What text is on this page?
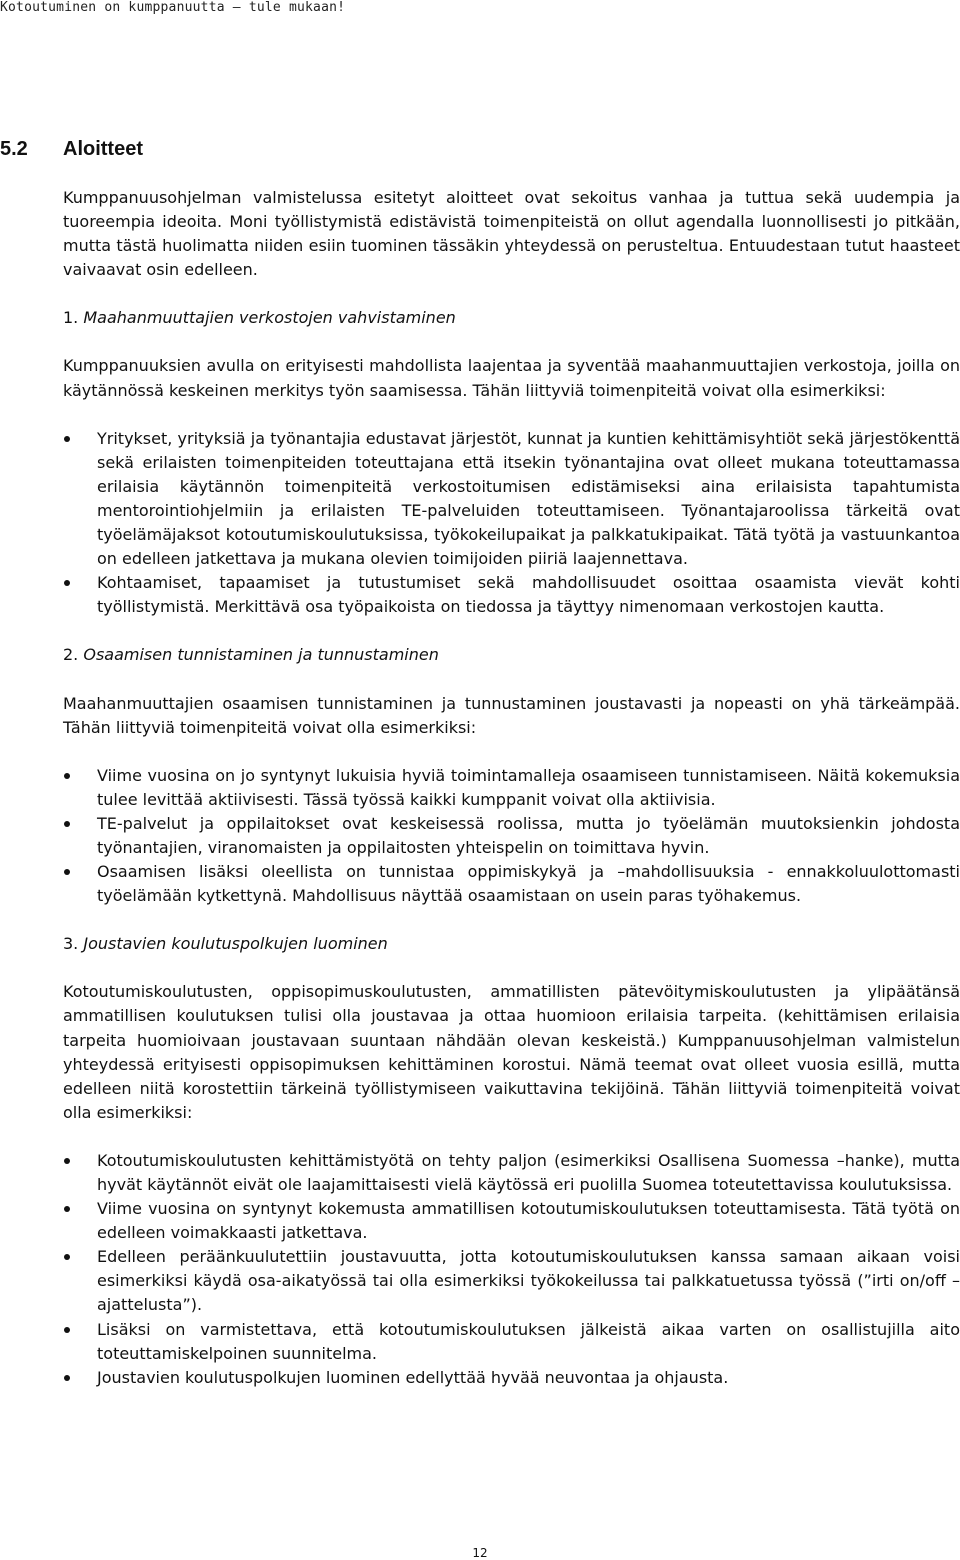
Kotoutuminen on kumppanuutta – tule mukaan!
5.2 Aloitteet

Kumppanuusohjelman valmistelussa esitetyt aloitteet ovat sekoitus vanhaa ja tuttua sekä uudempia ja tuoreempia ideoita. Moni työllistymistä edistävistä toimenpiteistä on ollut agendalla luonnollisesti jo pitkään, mutta tästä huolimatta niiden esiin tuominen tässäkin yhteydessä on perusteltua. Entuudestaan tutut haasteet vaivaavat osin edelleen.

1. Maahanmuuttajien verkostojen vahvistaminen

Kumppanuuksien avulla on erityisesti mahdollista laajentaa ja syventää maahanmuuttajien verkostoja, joilla on käytännössä keskeinen merkitys työn saamisessa. Tähän liittyviä toimenpiteitä voivat olla esimerkiksi:

Yritykset, yrityksiä ja työnantajia edustavat järjestöt, kunnat ja kuntien kehittämisyhtiöt sekä järjestökenttä sekä erilaisten toimenpiteiden toteuttajana että itsekin työnantajina ovat olleet mukana toteuttamassa erilaisia käytännön toimenpiteitä verkostoitumisen edistämiseksi aina erilaisista tapahtumista mentorointiohjelmiin ja erilaisten TE-palveluiden toteuttamiseen. Työnantajaroolissa tärkeitä ovat työelämäjaksot kotoutumiskoulutuksissa, työkokeilupaikat ja palkkatukipaikat. Tätä työtä ja vastuunkantoa on edelleen jatkettava ja mukana olevien toimijoiden piiriä laajennettava.
Kohtaamiset, tapaamiset ja tutustumiset sekä mahdollisuudet osoittaa osaamista vievät kohti työllistymistä. Merkittävä osa työpaikoista on tiedossa ja täyttyy nimenomaan verkostojen kautta.
2. Osaamisen tunnistaminen ja tunnustaminen

Maahanmuuttajien osaamisen tunnistaminen ja tunnustaminen joustavasti ja nopeasti on yhä tärkeämpää. Tähän liittyviä toimenpiteitä voivat olla esimerkiksi:

Viime vuosina on jo syntynyt lukuisia hyviä toimintamalleja osaamiseen tunnistamiseen. Näitä kokemuksia tulee levittää aktiivisesti. Tässä työssä kaikki kumppanit voivat olla aktiivisia.
TE-palvelut ja oppilaitokset ovat keskeisessä roolissa, mutta jo työelämän muutoksienkin johdosta työnantajien, viranomaisten ja oppilaitosten yhteispelin on toimittava hyvin.
Osaamisen lisäksi oleellista on tunnistaa oppimiskykyä ja –mahdollisuuksia - ennakkoluulottomasti työelämään kytkettynä. Mahdollisuus näyttää osaamistaan on usein paras työhakemus.
3. Joustavien koulutuspolkujen luominen

Kotoutumiskoulutusten, oppisopimuskoulutusten, ammatillisten pätevöitymiskoulutusten ja ylipäätänsä ammatillisen koulutuksen tulisi olla joustavaa ja ottaa huomioon erilaisia tarpeita. (kehittämisen erilaisia tarpeita huomioivaan joustavaan suuntaan nähdään olevan keskeistä.) Kumppanuusohjelman valmistelun yhteydessä erityisesti oppisopimuksen kehittäminen korostui. Nämä teemat ovat olleet vuosia esillä, mutta edelleen niitä korostettiin tärkeinä työllistymiseen vaikuttavina tekijöinä. Tähän liittyviä toimenpiteitä voivat olla esimerkiksi:

Kotoutumiskoulutusten kehittämistyötä on tehty paljon (esimerkiksi Osallisena Suomessa –hanke), mutta hyvät käytännöt eivät ole laajamittaisesti vielä käytössä eri puolilla Suomea toteutettavissa koulutuksissa.
Viime vuosina on syntynyt kokemusta ammatillisen kotoutumiskoulutuksen toteuttamisesta. Tätä työtä on edelleen voimakkaasti jatkettava.
Edelleen peräänkuulutettiin joustavuutta, jotta kotoutumiskoulutuksen kanssa samaan aikaan voisi esimerkiksi käydä osa-aikatyössä tai olla esimerkiksi työkokeilussa tai palkkatuetussa työssä (”irti on/off –ajattelusta”).
Lisäksi on varmistettava, että kotoutumiskoulutuksen jälkeistä aikaa varten on osallistujilla aito toteuttamiskelpoinen suunnitelma.
Joustavien koulutuspolkujen luominen edellyttää hyvää neuvontaa ja ohjausta.
12
